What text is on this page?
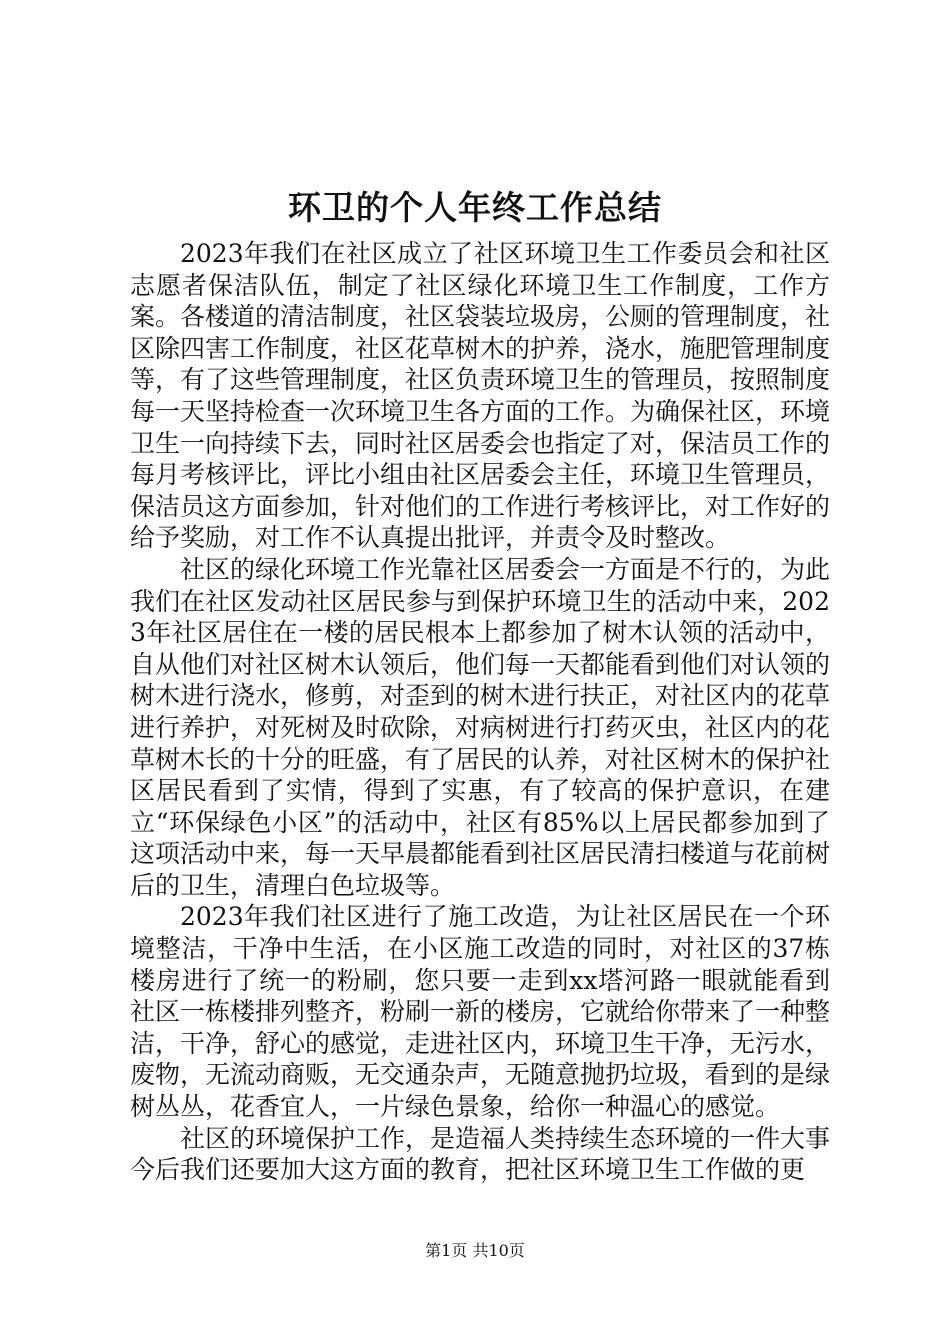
环卫的个人年终工作总结

2023年我们在社区成立了社区环境卫生工作委员会和社区志愿者保洁队伍，制定了社区绿化环境卫生工作制度，工作方案。各楼道的清洁制度，社区袋装垃圾房，公厕的管理制度，社区除四害工作制度，社区花草树木的护养，浇水，施肥管理制度等，有了这些管理制度，社区负责环境卫生的管理员，按照制度每一天坚持检查一次环境卫生各方面的工作。为确保社区，环境卫生一向持续下去，同时社区居委会也指定了对，保洁员工作的每月考核评比，评比小组由社区居委会主任，环境卫生管理员，保洁员这方面参加，针对他们的工作进行考核评比，对工作好的给予奖励，对工作不认真提出批评，并责令及时整改。

社区的绿化环境工作光靠社区居委会一方面是不行的，为此我们在社区发动社区居民参与到保护环境卫生的活动中来，2023年社区居住在一楼的居民根本上都参加了树木认领的活动中，自从他们对社区树木认领后，他们每一天都能看到他们对认领的树木进行浇水，修剪，对歪到的树木进行扶正，对社区内的花草进行养护，对死树及时砍除，对病树进行打药灭虫，社区内的花草树木长的十分的旺盛，有了居民的认养，对社区树木的保护社区居民看到了实情，得到了实惠，有了较高的保护意识，在建立“环保绿色小区”的活动中，社区有85%以上居民都参加到了这项活动中来，每一天早晨都能看到社区居民清扫楼道与花前树后的卫生，清理白色垃圾等。

2023年我们社区进行了施工改造，为让社区居民在一个环境整洁，干净中生活，在小区施工改造的同时，对社区的37栋楼房进行了统一的粉刷，您只要一走到xx塔河路一眼就能看到社区一栋楼排列整齐，粉刷一新的楼房，它就给你带来了一种整洁，干净，舒心的感觉，走进社区内，环境卫生干净，无污水，废物，无流动商贩，无交通杂声，无随意抛扔垃圾，看到的是绿树丛丛，花香宜人，一片绿色景象，给你一种温心的感觉。

社区的环境保护工作，是造福人类持续生态环境的一件大事今后我们还要加大这方面的教育，把社区环境卫生工作做的更

第1页 共10页
